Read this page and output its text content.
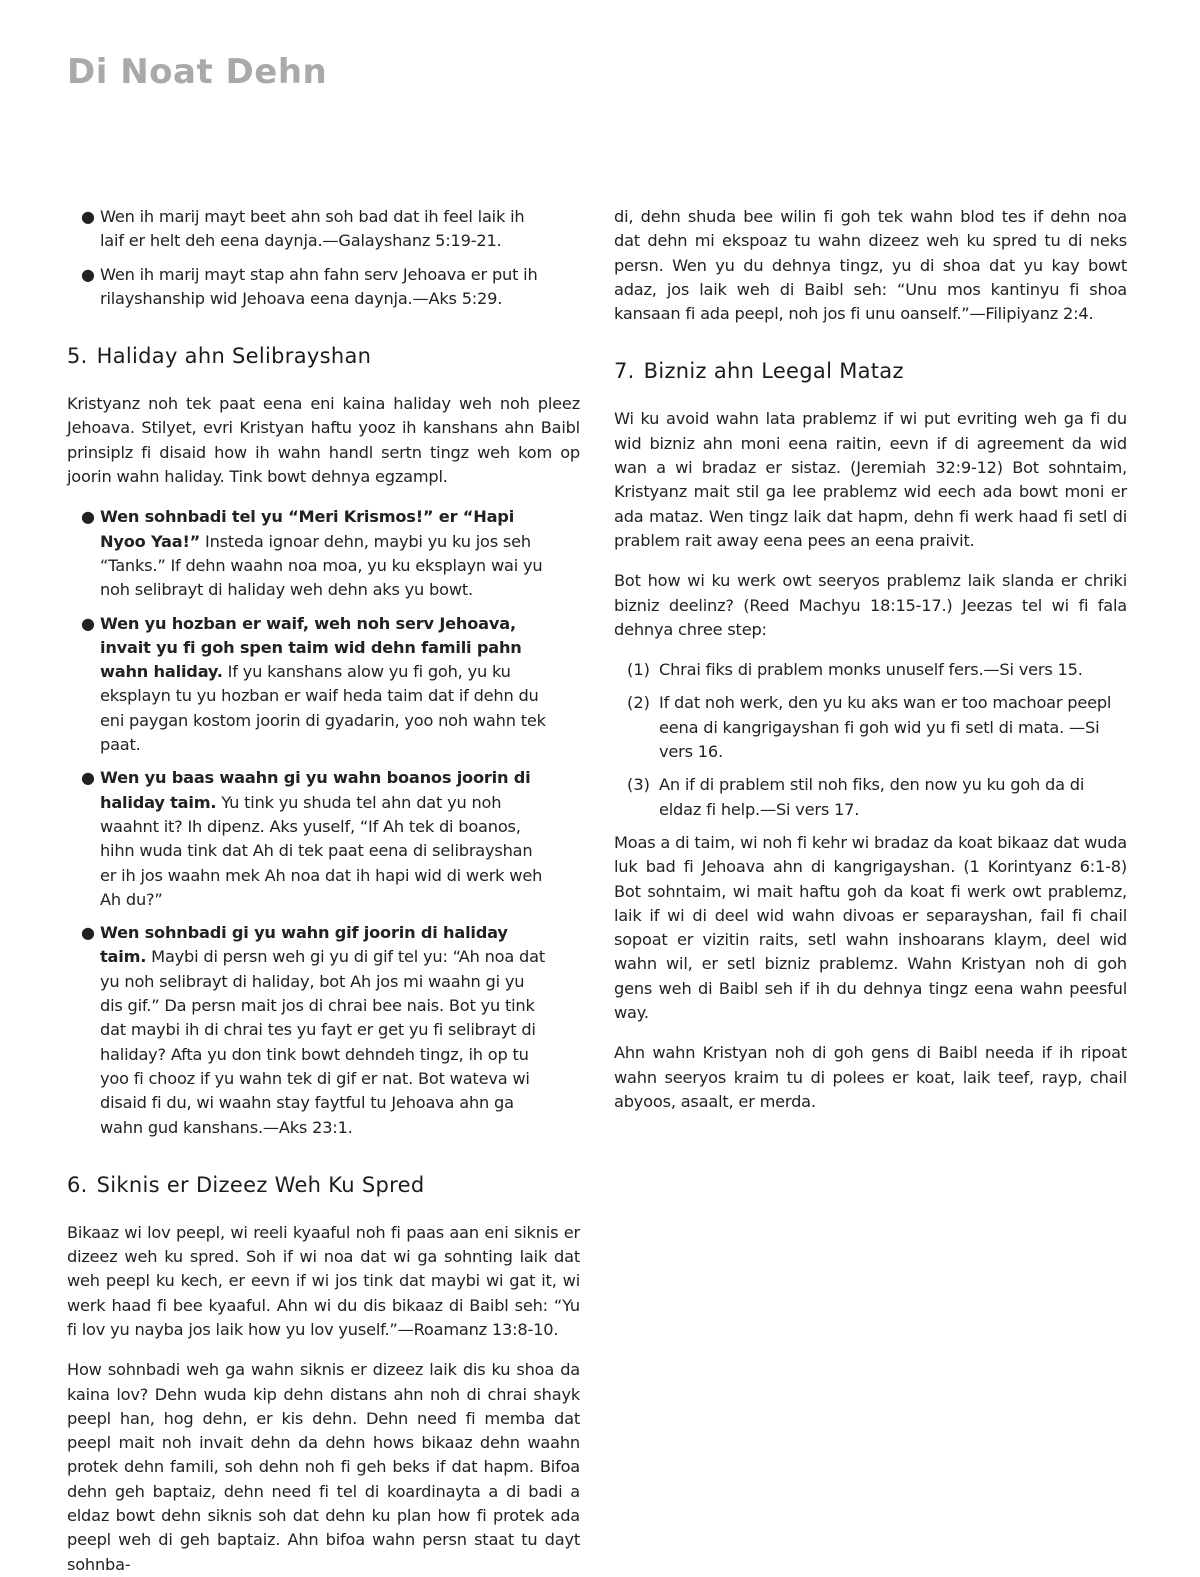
Di Noat Dehn
● Wen ih marij mayt beet ahn soh bad dat ih feel laik ih laif er helt deh eena daynja.—Galayshanz 5:19-21.

● Wen ih marij mayt stap ahn fahn serv Jehoava er put ih rilayshanship wid Jehoava eena daynja.—Aks 5:29.

5. Haliday ahn Selibrayshan

Kristyanz noh tek paat eena eni kaina haliday weh noh pleez Jehoava. Stilyet, evri Kristyan haftu yooz ih kanshans ahn Baibl prinsiplz fi disaid how ih wahn handl sertn tingz weh kom op joorin wahn haliday. Tink bowt dehnya egzampl.

● Wen sohnbadi tel yu “Meri Krismos!” er “Hapi Nyoo Yaa!” Insteda ignoar dehn, maybi yu ku jos seh “Tanks.” If dehn waahn noa moa, yu ku eksplayn wai yu noh selibrayt di haliday weh dehn aks yu bowt.

● Wen yu hozban er waif, weh noh serv Jehoava, invait yu fi goh spen taim wid dehn famili pahn wahn haliday. If yu kanshans alow yu fi goh, yu ku eksplayn tu yu hozban er waif heda taim dat if dehn du eni paygan kostom joorin di gyadarin, yoo noh wahn tek paat.

● Wen yu baas waahn gi yu wahn boanos joorin di haliday taim. Yu tink yu shuda tel ahn dat yu noh waahnt it? Ih dipenz. Aks yuself, “If Ah tek di boanos, hihn wuda tink dat Ah di tek paat eena di selibrayshan er ih jos waahn mek Ah noa dat ih hapi wid di werk weh Ah du?”

● Wen sohnbadi gi yu wahn gif joorin di haliday taim. Maybi di persn weh gi yu di gif tel yu: “Ah noa dat yu noh selibrayt di haliday, bot Ah jos mi waahn gi yu dis gif.” Da persn mait jos di chrai bee nais. Bot yu tink dat maybi ih di chrai tes yu fayt er get yu fi selibrayt di haliday? Afta yu don tink bowt dehndeh tingz, ih op tu yoo fi chooz if yu wahn tek di gif er nat. Bot wateva wi disaid fi du, wi waahn stay faytful tu Jehoava ahn ga wahn gud kanshans.—Aks 23:1.

6. Siknis er Dizeez Weh Ku Spred

Bikaaz wi lov peepl, wi reeli kyaaful noh fi paas aan eni siknis er dizeez weh ku spred. Soh if wi noa dat wi ga sohnting laik dat weh peepl ku kech, er eevn if wi jos tink dat maybi wi gat it, wi werk haad fi bee kyaaful. Ahn wi du dis bikaaz di Baibl seh: “Yu fi lov yu nayba jos laik how yu lov yuself.”—Roamanz 13:8-10.

How sohnbadi weh ga wahn siknis er dizeez laik dis ku shoa da kaina lov? Dehn wuda kip dehn distans ahn noh di chrai shayk peepl han, hog dehn, er kis dehn. Dehn need fi memba dat peepl mait noh invait dehn da dehn hows bikaaz dehn waahn protek dehn famili, soh dehn noh fi geh beks if dat hapm. Bifoa dehn geh baptaiz, dehn need fi tel di koardinayta a di badi a eldaz bowt dehn siknis soh dat dehn ku plan how fi protek ada peepl weh di geh baptaiz. Ahn bifoa wahn persn staat tu dayt sohnba-

di, dehn shuda bee wilin fi goh tek wahn blod tes if dehn noa dat dehn mi ekspoaz tu wahn dizeez weh ku spred tu di neks persn. Wen yu du dehnya tingz, yu di shoa dat yu kay bowt adaz, jos laik weh di Baibl seh: “Unu mos kantinyu fi shoa kansaan fi ada peepl, noh jos fi unu oanself.”—Filipiyanz 2:4.

7. Bizniz ahn Leegal Mataz

Wi ku avoid wahn lata prablemz if wi put evriting weh ga fi du wid bizniz ahn moni eena raitin, eevn if di agreement da wid wan a wi bradaz er sistaz. (Jeremiah 32:9-12) Bot sohntaim, Kristyanz mait stil ga lee prablemz wid eech ada bowt moni er ada mataz. Wen tingz laik dat hapm, dehn fi werk haad fi setl di prablem rait away eena pees an eena praivit.

Bot how wi ku werk owt seeryos prablemz laik slanda er chriki bizniz deelinz? (Reed Machyu 18:15-17.) Jeezas tel wi fi fala dehnya chree step:

(1) Chrai fiks di prablem monks unuself fers.—Si vers 15.

(2) If dat noh werk, den yu ku aks wan er too machoar peepl eena di kangrigayshan fi goh wid yu fi setl di mata. —Si vers 16.

(3) An if di prablem stil noh fiks, den now yu ku goh da di eldaz fi help.—Si vers 17.

Moas a di taim, wi noh fi kehr wi bradaz da koat bikaaz dat wuda luk bad fi Jehoava ahn di kangrigayshan. (1 Korintyanz 6:1-8) Bot sohntaim, wi mait haftu goh da koat fi werk owt prablemz, laik if wi di deel wid wahn divoas er separayshan, fail fi chail sopoat er vizitin raits, setl wahn inshoarans klaym, deel wid wahn wil, er setl bizniz prablemz. Wahn Kristyan noh di goh gens weh di Baibl seh if ih du dehnya tingz eena wahn peesful way.

Ahn wahn Kristyan noh di goh gens di Baibl needa if ih ripoat wahn seeryos kraim tu di polees er koat, laik teef, rayp, chail abyoos, asaalt, er merda.
